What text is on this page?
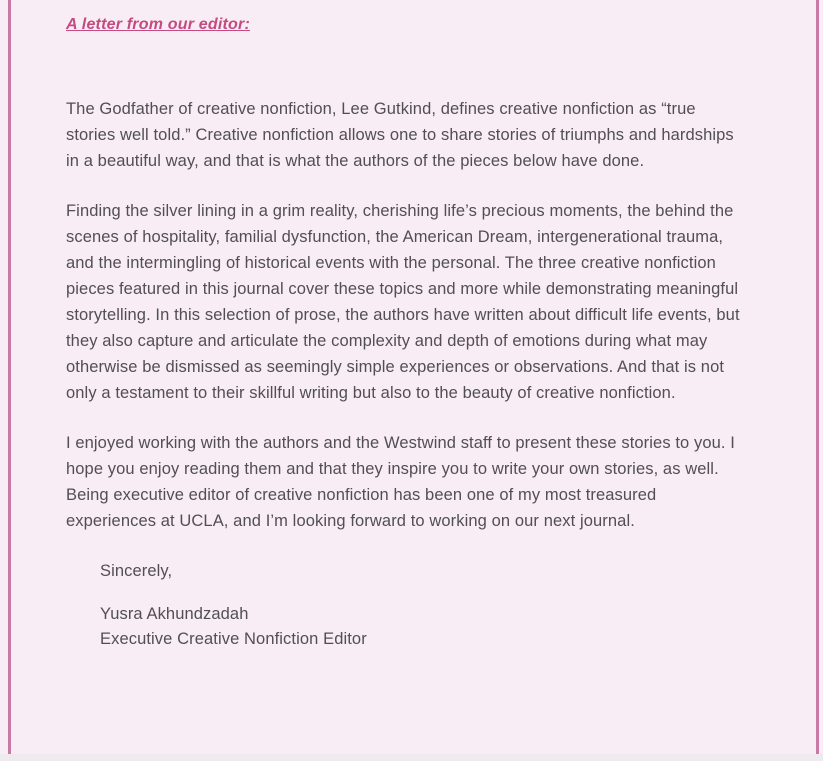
A letter from our editor:

The Godfather of creative nonfiction, Lee Gutkind, defines creative nonfiction as “true stories well told.” Creative nonfiction allows one to share stories of triumphs and hardships in a beautiful way, and that is what the authors of the pieces below have done.

Finding the silver lining in a grim reality, cherishing life’s precious moments, the behind the scenes of hospitality, familial dysfunction, the American Dream, intergenerational trauma, and the intermingling of historical events with the personal. The three creative nonfiction pieces featured in this journal cover these topics and more while demonstrating meaningful storytelling. In this selection of prose, the authors have written about difficult life events, but they also capture and articulate the complexity and depth of emotions during what may otherwise be dismissed as seemingly simple experiences or observations. And that is not only a testament to their skillful writing but also to the beauty of creative nonfiction.

I enjoyed working with the authors and the Westwind staff to present these stories to you. I hope you enjoy reading them and that they inspire you to write your own stories, as well. Being executive editor of creative nonfiction has been one of my most treasured experiences at UCLA, and I’m looking forward to working on our next journal.

Sincerely,

Yusra Akhundzadah

Executive Creative Nonfiction Editor
